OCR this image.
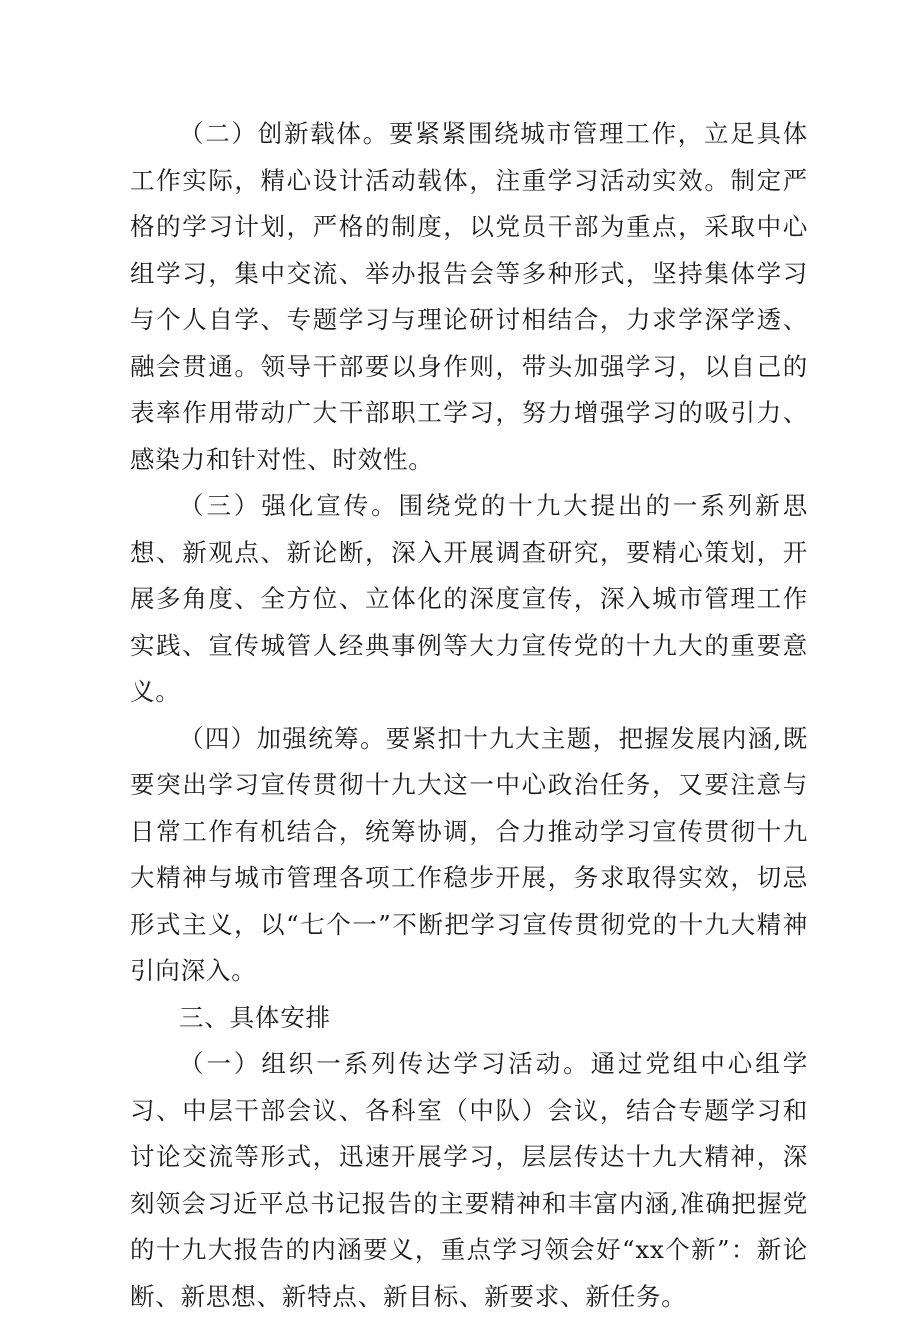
（二）创新载体。要紧紧围绕城市管理工作，立足具体工作实际，精心设计活动载体，注重学习活动实效。制定严格的学习计划，严格的制度，以党员干部为重点，采取中心组学习，集中交流、举办报告会等多种形式，坚持集体学习与个人自学、专题学习与理论研讨相结合，力求学深学透、融会贯通。领导干部要以身作则，带头加强学习，以自己的表率作用带动广大干部职工学习，努力增强学习的吸引力、感染力和针对性、时效性。

（三）强化宣传。围绕党的十九大提出的一系列新思想、新观点、新论断，深入开展调查研究，要精心策划，开展多角度、全方位、立体化的深度宣传，深入城市管理工作实践、宣传城管人经典事例等大力宣传党的十九大的重要意义。

（四）加强统筹。要紧扣十九大主题，把握发展内涵,既要突出学习宣传贯彻十九大这一中心政治任务，又要注意与日常工作有机结合，统筹协调，合力推动学习宣传贯彻十九大精神与城市管理各项工作稳步开展，务求取得实效，切忌形式主义，以“七个一”不断把学习宣传贯彻党的十九大精神引向深入。

三、具体安排

（一）组织一系列传达学习活动。通过党组中心组学习、中层干部会议、各科室（中队）会议，结合专题学习和讨论交流等形式，迅速开展学习，层层传达十九大精神，深刻领会习近平总书记报告的主要精神和丰富内涵,准确把握党的十九大报告的内涵要义，重点学习领会好“xx个新”：新论断、新思想、新特点、新目标、新要求、新任务。
